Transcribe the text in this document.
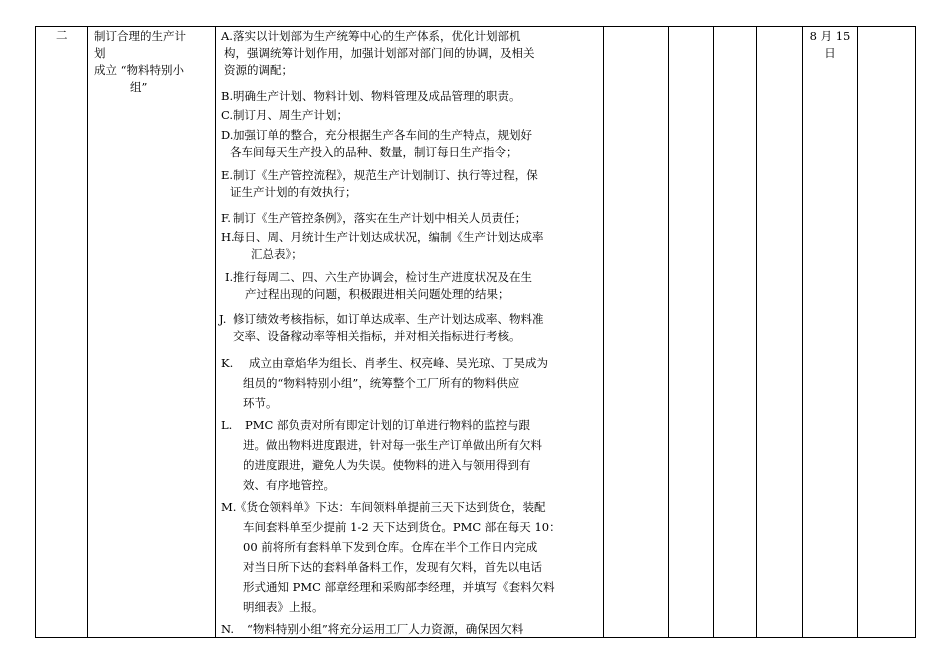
二	制订合理的生产计
划
成立 “物料特别小
组”
8 月 15
日
A. 落实以计划部为生产统筹中心的生产体系，优化计划部机
构，强调统筹计划作用，加强计划部对部门间的协调，及相关
资源的调配；
B. 明确生产计划、物料计划、物料管理及成品管理的职责。
C. 制订月、周生产计划；
D. 加强订单的整合，充分根据生产各车间的生产特点，规划好
各车间每天生产投入的品种、数量，制订每日生产指令；
E. 制订《生产管控流程》，规范生产计划制订、执行等过程，保
证生产计划的有效执行；
F. 制订《生产管控条例》，落实在生产计划中相关人员责任；
H.
每日、周、月统计生产计划达成状况，编制《生产计划达成率
汇总表》；
I. 推行每周二、四、六生产协调会，检讨生产进度状况及在生
产过程出现的问题，积极跟进相关问题处理的结果；
J. 修订绩效考核指标，如订单达成率、生产计划达成率、物料准
交率、设备稼动率等相关指标，并对相关指标进行考核。
K. 成立由章焰华为组长、肖孝生、权亮峰、吴光琼、丁昊成为
组员的“物料特别小组”，统筹整个工厂所有的物料供应
环节。
L. PMC 部负责对所有即定计划的订单进行物料的监控与跟
进。做出物料进度跟进，针对每一张生产订单做出所有欠料
的进度跟进，避免人为失误。使物料的进入与领用得到有
效、有序地管控。
M.
《货仓领料单》下达：车间领料单提前三天下达到货仓，装配
车间套料单至少提前 1-2 天下达到货仓。PMC 部在每天 10：
00 前将所有套料单下发到仓库。仓库在半个工作日内完成
对当日所下达的套料单备料工作，发现有欠料，首先以电话
形式通知 PMC 部章经理和采购部李经理，并填写《套料欠料
明细表》上报。
N. “物料特别小组”将充分运用工厂人力资源，确保因欠料
